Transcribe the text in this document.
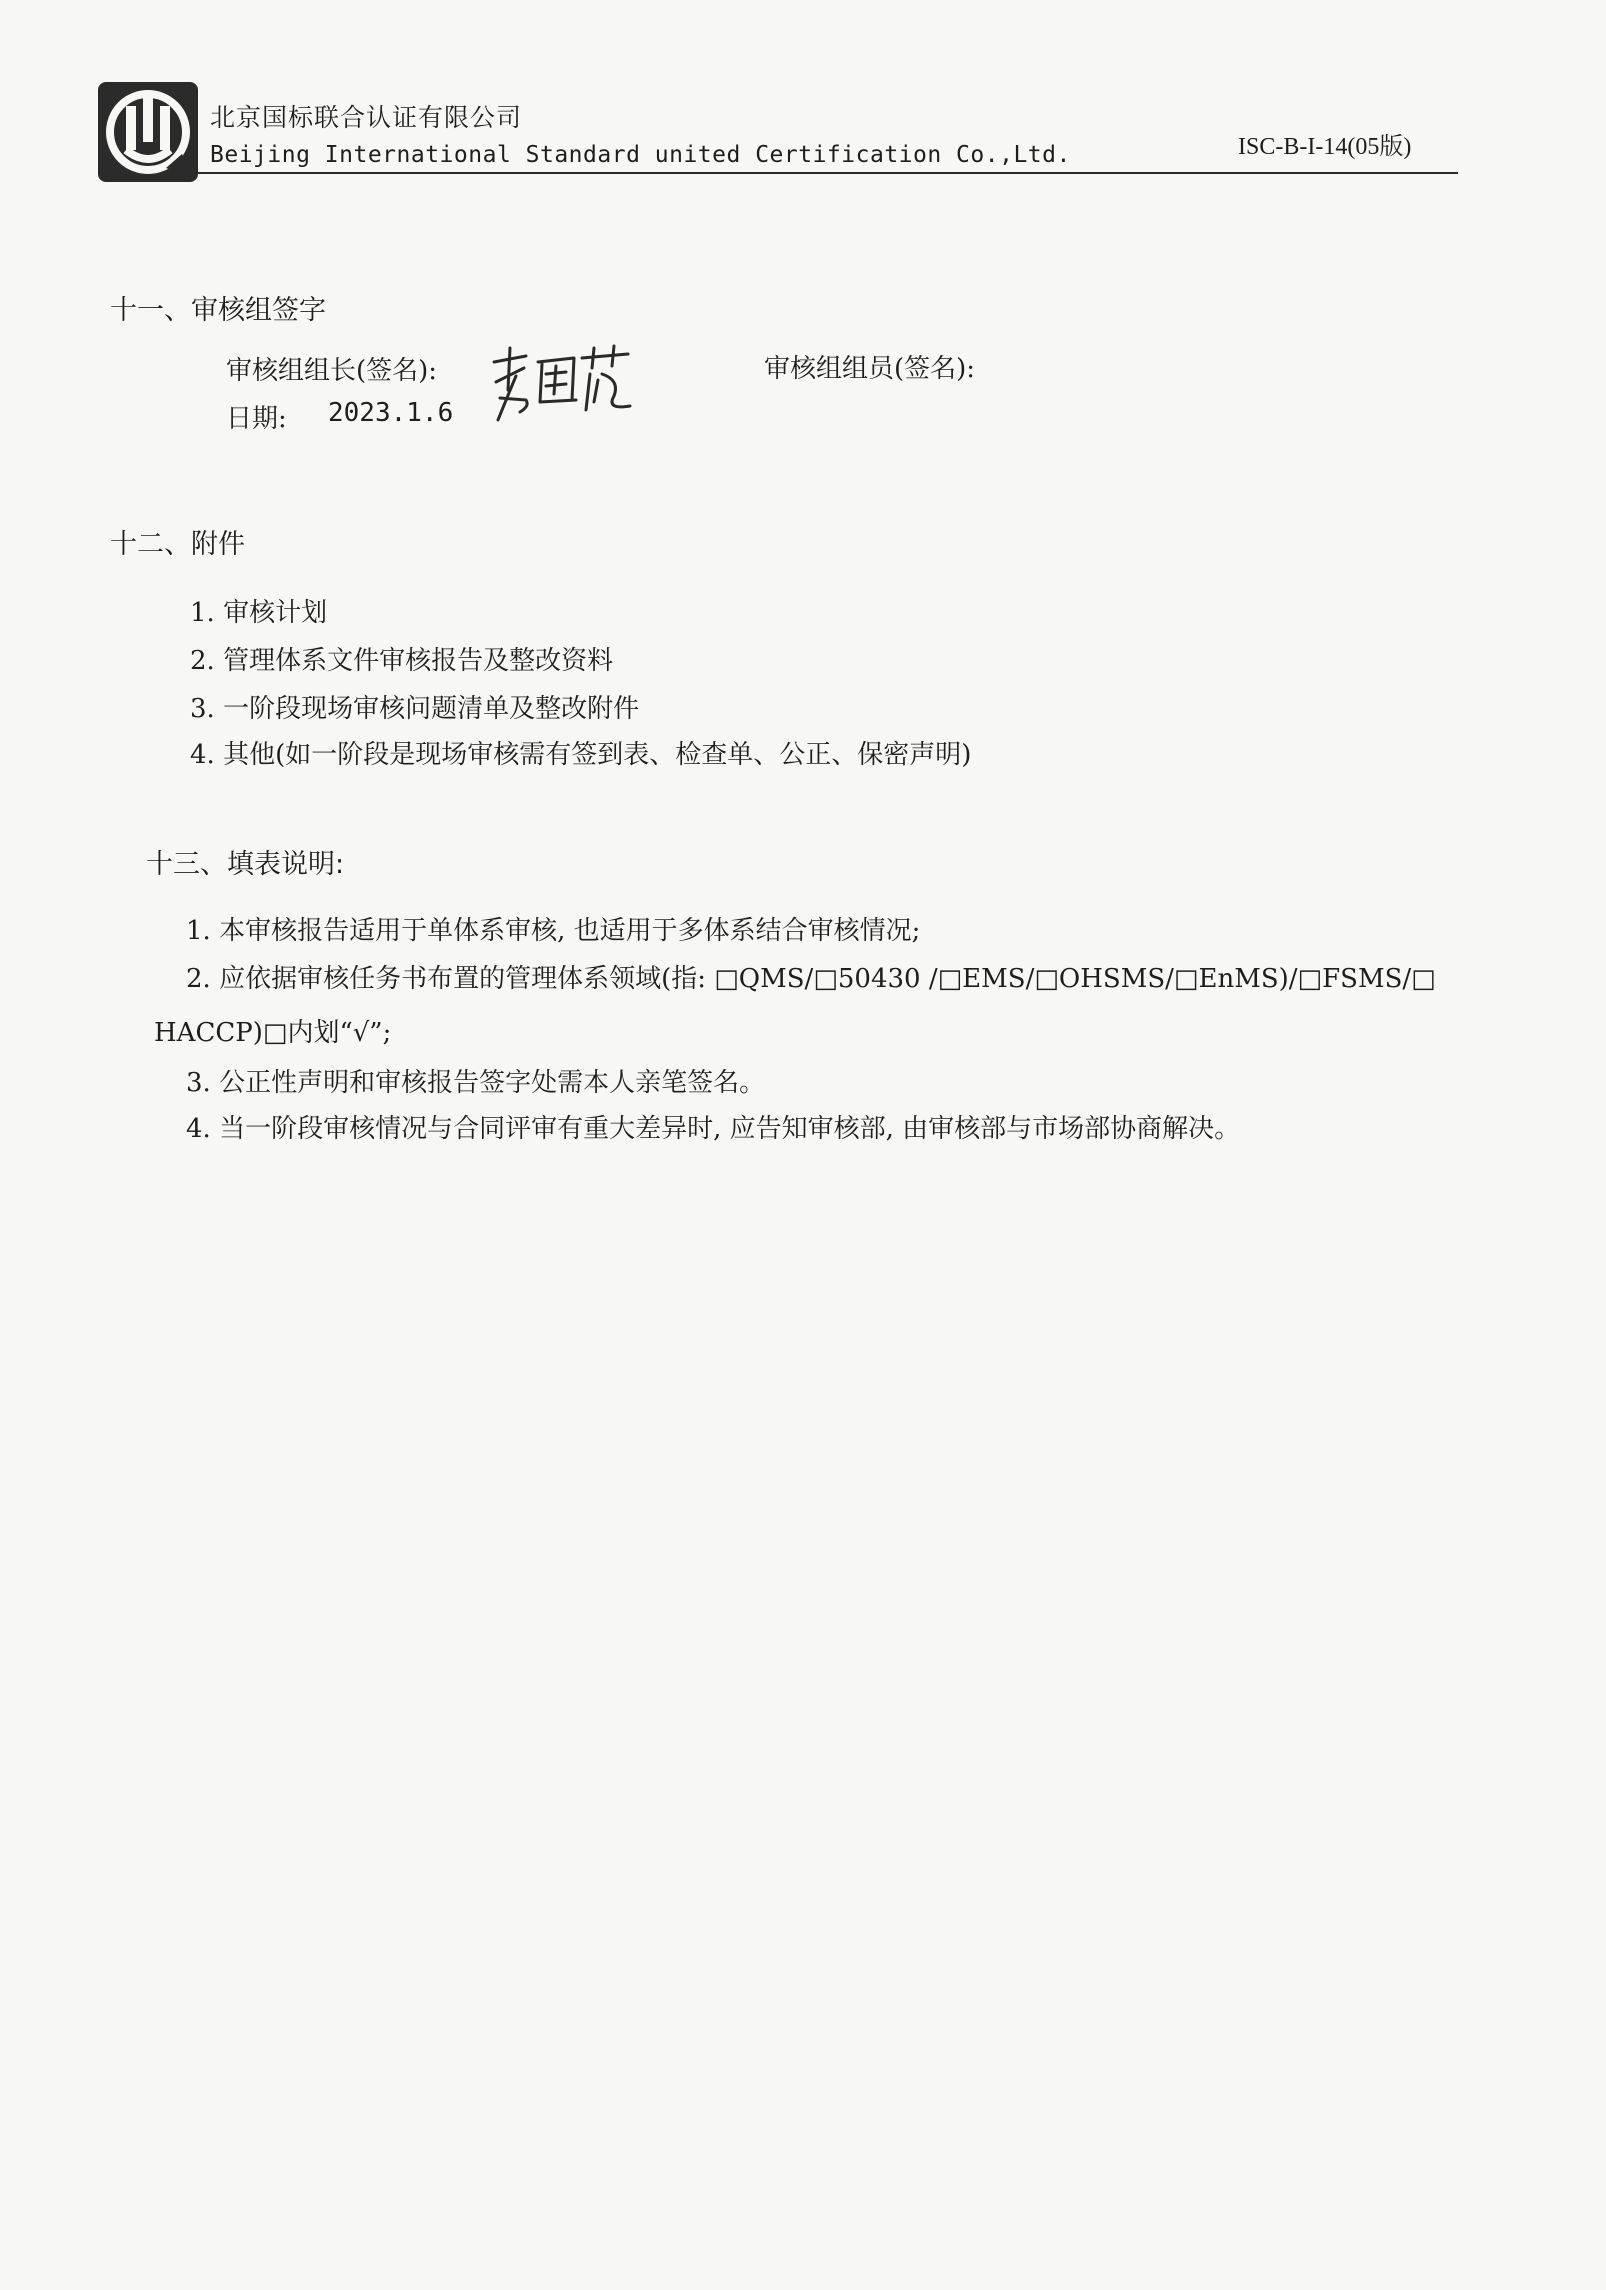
北京国标联合认证有限公司
Beijing International Standard united Certification Co.,Ltd.	ISC-B-I-14(05版)
十一、审核组签字
审核组组长(签名):	审核组组员(签名):
日期: 2023.1.6
十二、附件
1. 审核计划
2. 管理体系文件审核报告及整改资料
3. 一阶段现场审核问题清单及整改附件
4. 其他(如一阶段是现场审核需有签到表、检查单、公正、保密声明)
十三、填表说明:
1. 本审核报告适用于单体系审核, 也适用于多体系结合审核情况;
2. 应依据审核任务书布置的管理体系领域(指: □QMS/□50430 /□EMS/□OHSMS/□EnMS)/□FSMS/□
HACCP)□内划“√”;
3. 公正性声明和审核报告签字处需本人亲笔签名。
4. 当一阶段审核情况与合同评审有重大差异时, 应告知审核部, 由审核部与市场部协商解决。
